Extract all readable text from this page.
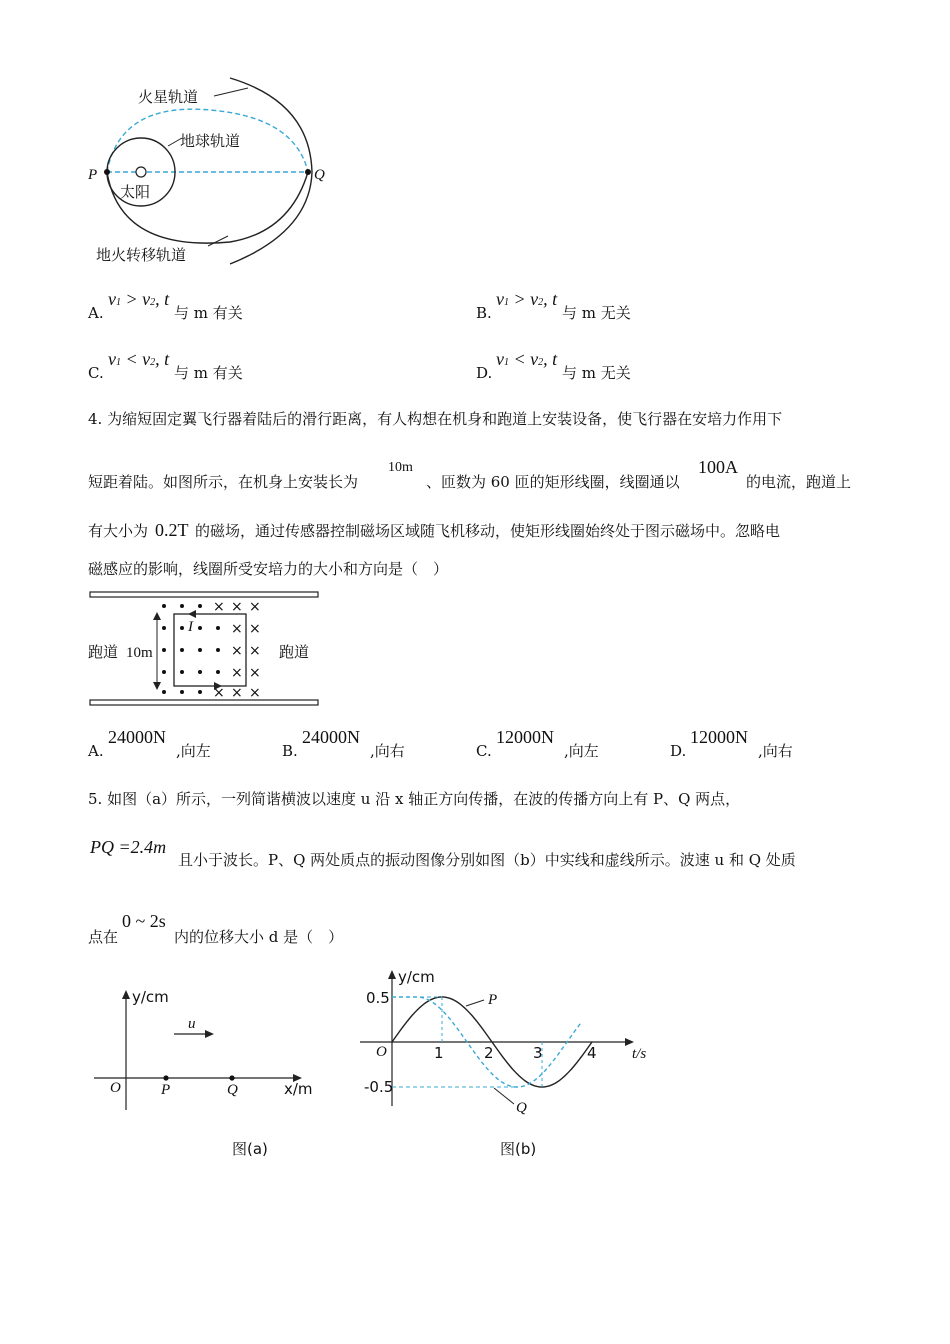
火星轨道
地球轨道
太阳
地火转移轨道
P	Q
A.
v1 > v2, t
与 m 有关	B.
v1 > v2, t
与 m 无关
C.
v1 < v2, t
与 m 有关	D.
v1 < v2, t
与 m 无关
4. 为缩短固定翼飞行器着陆后的滑行距离，有人构想在机身和跑道上安装设备，使飞行器在安培力作用下
短距着陆。如图所示，在机身上安装长为
10m
、匝数为 60 匝的矩形线圈，线圈通以
100A
的电流，跑道上
有大小为 0.2T 的磁场，通过传感器控制磁场区域随飞机移动，使矩形线圈始终处于图示磁场中。忽略电
磁感应的影响，线圈所受安培力的大小和方向是（　）
× × ×
× ×
× ×
× ×
× × ×
跑道 10m	跑道
I
A.
24000N
,向左	B.
24000N
,向右	C.
12000N
,向左	D.
12000N
,向右
5. 如图（a）所示，一列简谐横波以速度 u 沿 x 轴正方向传播，在波的传播方向上有 P、Q 两点，
PQ =2.4m
且小于波长。P、Q 两处质点的振动图像分别如图（b）中实线和虚线所示。波速 u 和 Q 处质
点在
0 ~ 2s
内的位移大小 d 是（　）
y/cm
u
O	P	Q	x/m
图(a)
y/cm
O
0.5
-0.5
1	2	3	4 t/s
P
Q
图(b)
